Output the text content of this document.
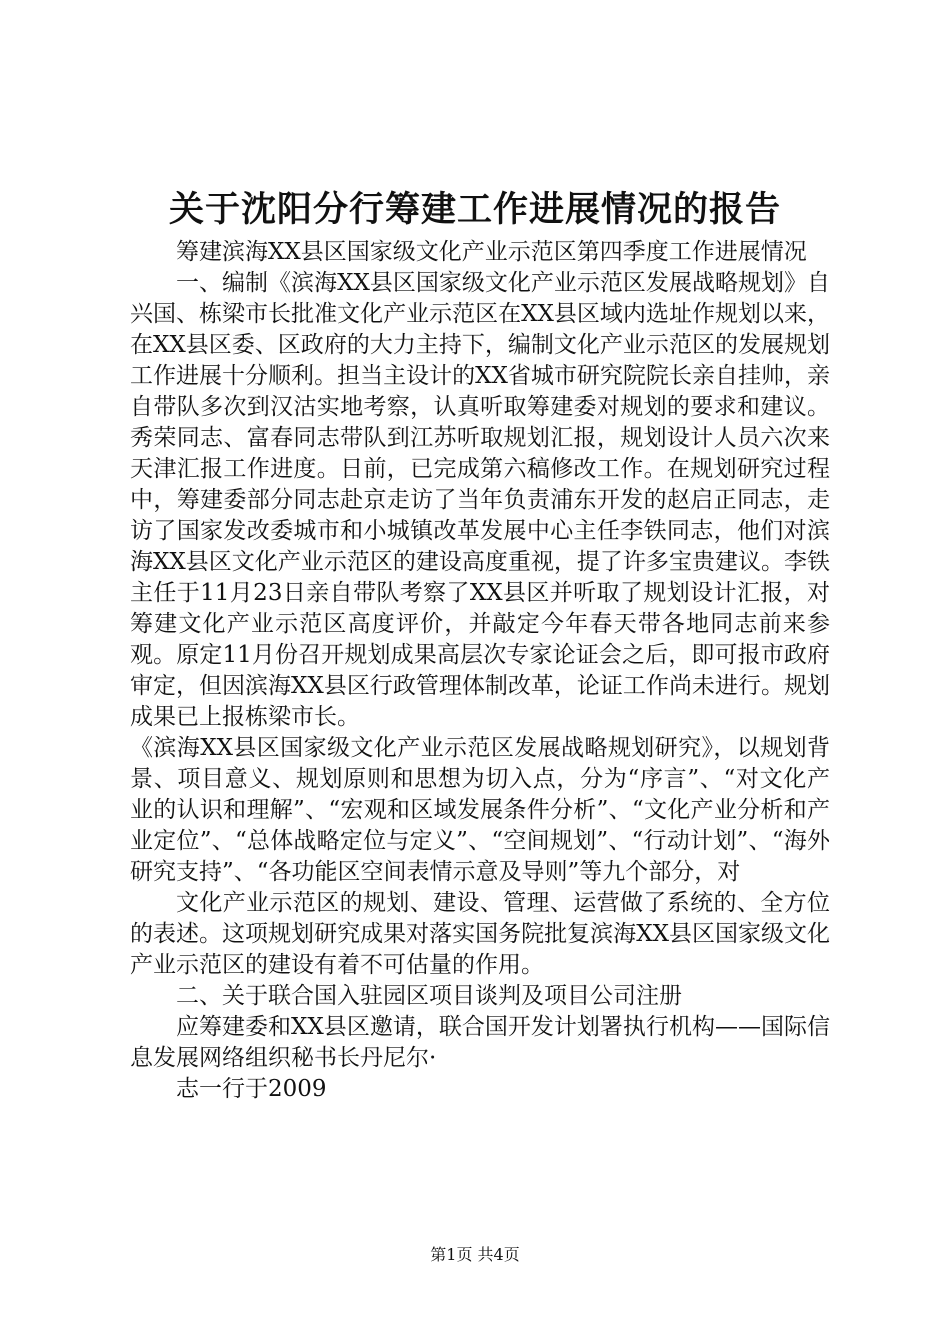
关于沈阳分行筹建工作进展情况的报告

筹建滨海XX县区国家级文化产业示范区第四季度工作进展情况

一、编制《滨海XX县区国家级文化产业示范区发展战略规划》自兴国、栋梁市长批准文化产业示范区在XX县区域内选址作规划以来，在XX县区委、区政府的大力主持下，编制文化产业示范区的发展规划工作进展十分顺利。担当主设计的XX省城市研究院院长亲自挂帅，亲自带队多次到汉沽实地考察，认真听取筹建委对规划的要求和建议。秀荣同志、富春同志带队到江苏听取规划汇报，规划设计人员六次来天津汇报工作进度。日前，已完成第六稿修改工作。在规划研究过程中，筹建委部分同志赴京走访了当年负责浦东开发的赵启正同志，走访了国家发改委城市和小城镇改革发展中心主任李铁同志，他们对滨海XX县区文化产业示范区的建设高度重视，提了许多宝贵建议。李铁主任于11月23日亲自带队考察了XX县区并听取了规划设计汇报，对筹建文化产业示范区高度评价，并敲定今年春天带各地同志前来参观。原定11月份召开规划成果高层次专家论证会之后，即可报市政府审定，但因滨海XX县区行政管理体制改革，论证工作尚未进行。规划成果已上报栋梁市长。

《滨海XX县区国家级文化产业示范区发展战略规划研究》，以规划背景、项目意义、规划原则和思想为切入点，分为“序言”、“对文化产业的认识和理解”、“宏观和区域发展条件分析”、“文化产业分析和产业定位”、“总体战略定位与定义”、“空间规划”、“行动计划”、“海外研究支持”、“各功能区空间表情示意及导则”等九个部分，对

文化产业示范区的规划、建设、管理、运营做了系统的、全方位的表述。这项规划研究成果对落实国务院批复滨海XX县区国家级文化产业示范区的建设有着不可估量的作用。

二、关于联合国入驻园区项目谈判及项目公司注册

应筹建委和XX县区邀请，联合国开发计划署执行机构——国际信息发展网络组织秘书长丹尼尔·

志一行于2009

第1页 共4页
